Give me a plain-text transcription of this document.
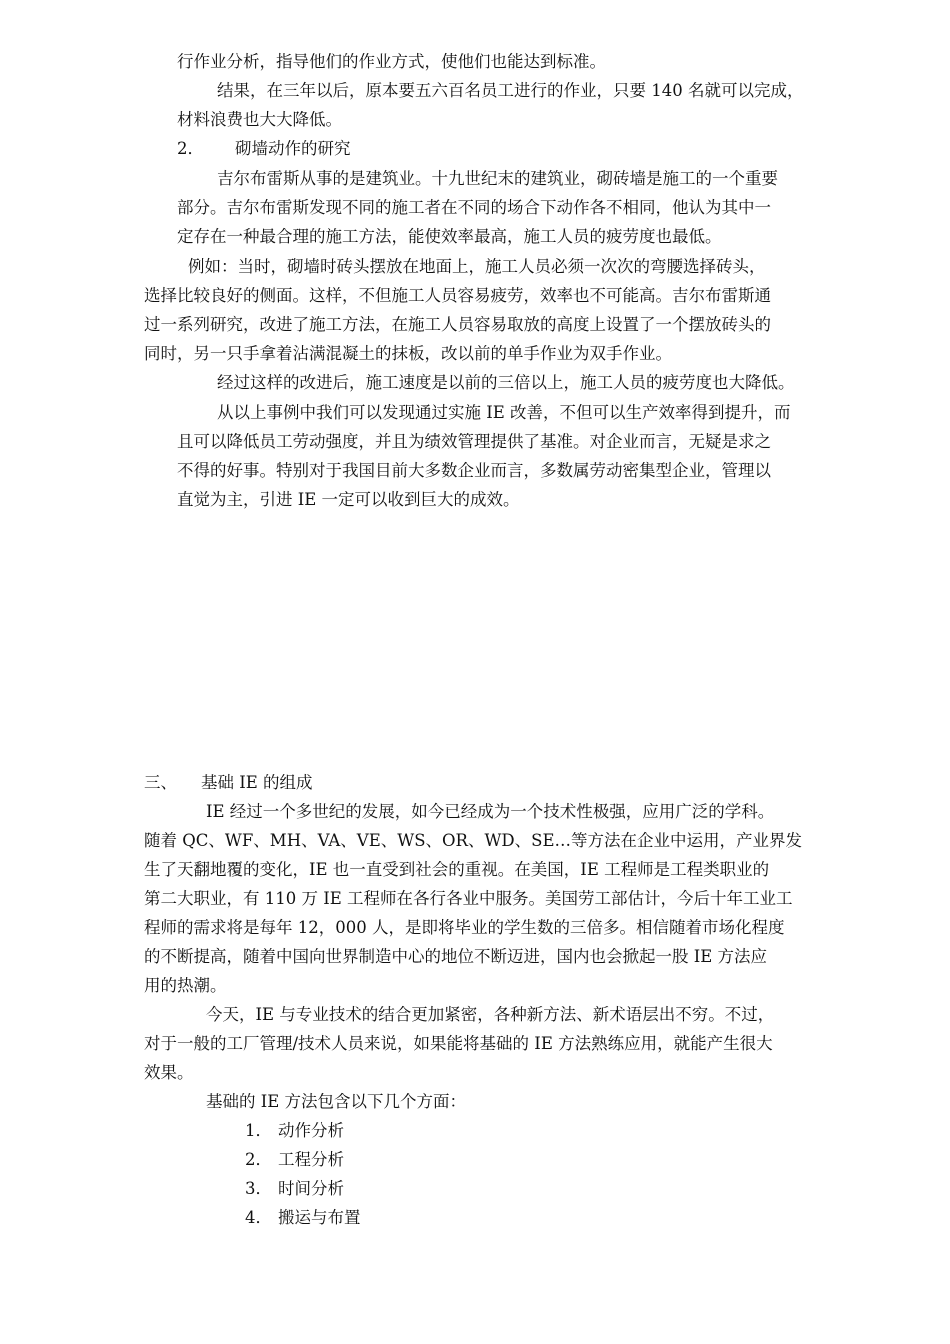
行作业分析，指导他们的作业方式，使他们也能达到标准。
结果，在三年以后，原本要五六百名员工进行的作业，只要 140 名就可以完成，
材料浪费也大大降低。
2． 砌墙动作的研究
吉尔布雷斯从事的是建筑业。十九世纪末的建筑业，砌砖墙是施工的一个重要
部分。吉尔布雷斯发现不同的施工者在不同的场合下动作各不相同，他认为其中一
定存在一种最合理的施工方法，能使效率最高，施工人员的疲劳度也最低。
例如：当时，砌墙时砖头摆放在地面上，施工人员必须一次次的弯腰选择砖头，
选择比较良好的侧面。这样，不但施工人员容易疲劳，效率也不可能高。吉尔布雷斯通
过一系列研究，改进了施工方法，在施工人员容易取放的高度上设置了一个摆放砖头的
同时，另一只手拿着沾满混凝土的抹板，改以前的单手作业为双手作业。
经过这样的改进后，施工速度是以前的三倍以上，施工人员的疲劳度也大降低。
从以上事例中我们可以发现通过实施 IE 改善，不但可以生产效率得到提升，而
且可以降低员工劳动强度，并且为绩效管理提供了基准。对企业而言，无疑是求之
不得的好事。特别对于我国目前大多数企业而言，多数属劳动密集型企业，管理以
直觉为主，引进 IE 一定可以收到巨大的成效。
三、 基础 IE 的组成
IE 经过一个多世纪的发展，如今已经成为一个技术性极强，应用广泛的学科。
随着 QC、WF、MH、VA、VE、WS、OR、WD、SE…等方法在企业中运用，产业界发
生了天翻地覆的变化，IE 也一直受到社会的重视。在美国，IE 工程师是工程类职业的
第二大职业，有 110 万 IE 工程师在各行各业中服务。美国劳工部估计，今后十年工业工
程师的需求将是每年 12，000 人，是即将毕业的学生数的三倍多。相信随着市场化程度
的不断提高，随着中国向世界制造中心的地位不断迈进，国内也会掀起一股 IE 方法应
用的热潮。
今天，IE 与专业技术的结合更加紧密，各种新方法、新术语层出不穷。不过，
对于一般的工厂管理/技术人员来说，如果能将基础的 IE 方法熟练应用，就能产生很大
效果。
基础的 IE 方法包含以下几个方面：
1． 动作分析
2． 工程分析
3． 时间分析
4． 搬运与布置
